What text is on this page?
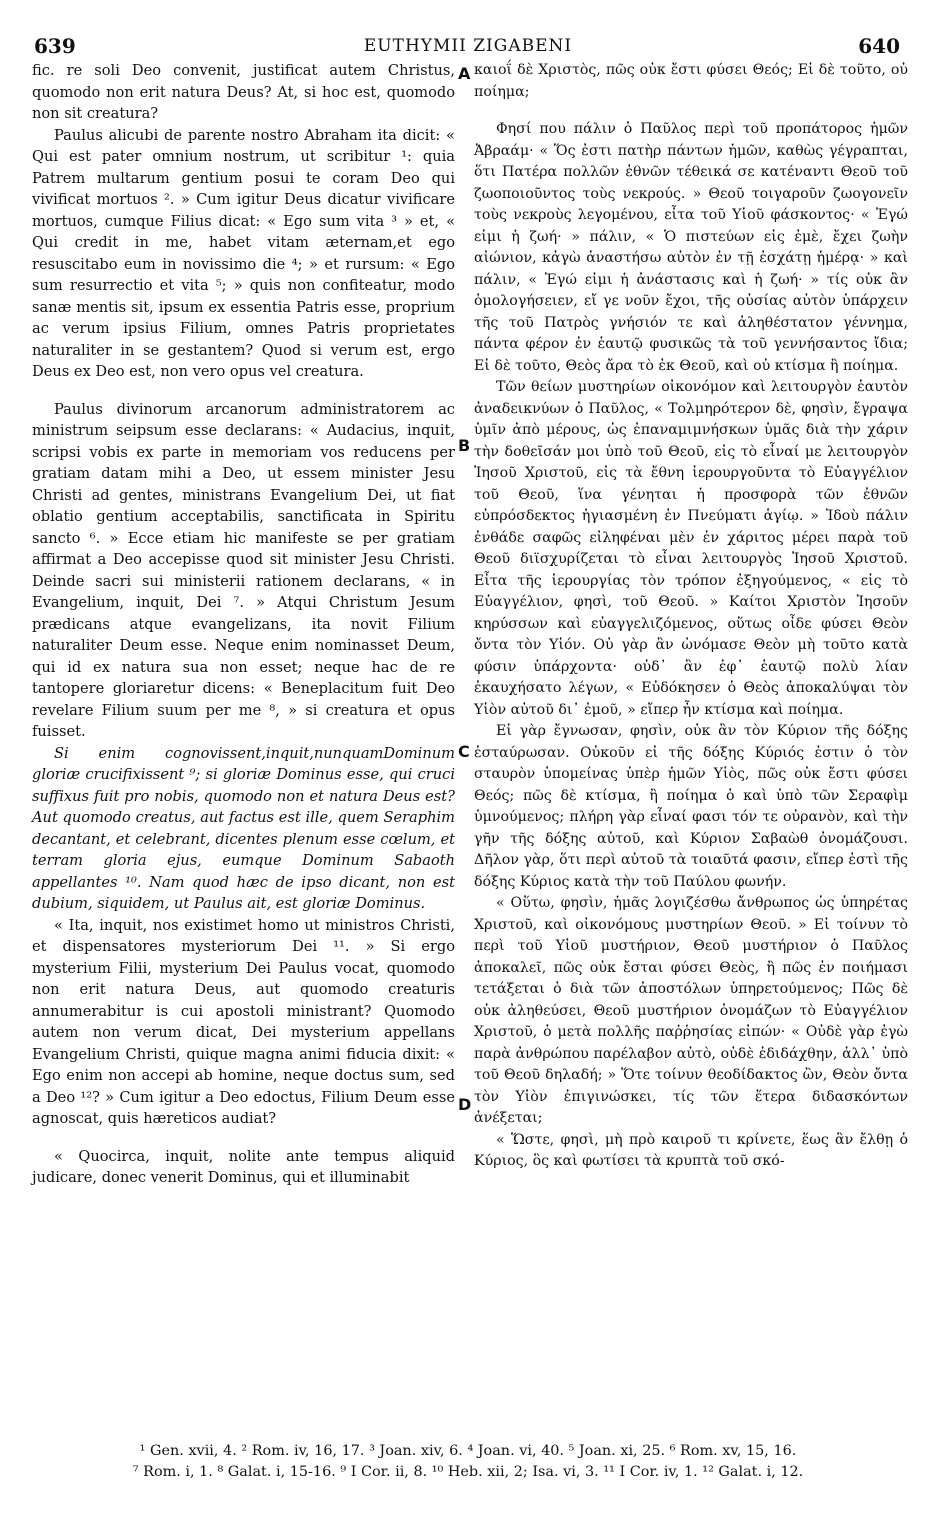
639	EUTHYMII ZIGABENI	640

fic. re soli Deo convenit, justificat autem Christus, quomodo non erit natura Deus? At, si hoc est, quomodo non sit creatura?

Paulus alicubi de parente nostro Abraham ita dicit: « Qui est pater omnium nostrum, ut scribitur ¹: quia Patrem multarum gentium posui te coram Deo qui vivificat mortuos ². » Cum igitur Deus dicatur vivificare mortuos, cumque Filius dicat: « Ego sum vita ³ » et, « Qui credit in me, habet vitam æternam,et ego resuscitabo eum in novissimo die ⁴; » et rursum: « Ego sum resurrectio et vita ⁵; » quis non confiteatur, modo sanæ mentis sit, ipsum ex essentia Patris esse, proprium ac verum ipsius Filium, omnes Patris proprietates naturaliter in se gestantem? Quod si verum est, ergo Deus ex Deo est, non vero opus vel creatura.

Paulus divinorum arcanorum administratorem ac ministrum seipsum esse declarans: « Audacius, inquit, scripsi vobis ex parte in memoriam vos reducens per gratiam datam mihi a Deo, ut essem minister Jesu Christi ad gentes, ministrans Evangelium Dei, ut fiat oblatio gentium acceptabilis, sanctificata in Spiritu sancto ⁶. » Ecce etiam hic manifeste se per gratiam affirmat a Deo accepisse quod sit minister Jesu Christi. Deinde sacri sui ministerii rationem declarans, « in Evangelium, inquit, Dei ⁷. » Atqui Christum Jesum prædicans atque evangelizans, ita novit Filium naturaliter Deum esse. Neque enim nominasset Deum, qui id ex natura sua non esset; neque hac de re tantopere gloriaretur dicens: « Beneplacitum fuit Deo revelare Filium suum per me ⁸, » si creatura et opus fuisset.

Si enim cognovissent,inquit,nunquamDominum gloriæ crucifixissent ⁹; si gloriæ Dominus esse, qui cruci suffixus fuit pro nobis, quomodo non et natura Deus est? Aut quomodo creatus, aut factus est ille, quem Seraphim decantant, et celebrant, dicentes plenum esse cœlum, et terram gloria ejus, eumque Dominum Sabaoth appellantes ¹⁰. Nam quod hæc de ipso dicant, non est dubium, siquidem, ut Paulus ait, est gloriæ Dominus.

« Ita, inquit, nos existimet homo ut ministros Christi, et dispensatores mysteriorum Dei ¹¹. » Si ergo mysterium Filii, mysterium Dei Paulus vocat, quomodo non erit natura Deus, aut quomodo creaturis annumerabitur is cui apostoli ministrant? Quomodo autem non verum dicat, Dei mysterium appellans Evangelium Christi, quique magna animi fiducia dixit: « Ego enim non accepi ab homine, neque doctus sum, sed a Deo ¹²? » Cum igitur a Deo edoctus, Filium Deum esse agnoscat, quis hæreticos audiat?

« Quocirca, inquit, nolite ante tempus aliquid judicare, donec venerit Dominus, qui et illuminabit

καιοΐ δὲ Χριστὸς, πῶς οὐκ ἔστι φύσει Θεός; Εἰ δὲ τοῦτο, οὐ ποίημα;

Φησί που πάλιν ὁ Παῦλος περὶ τοῦ προπάτορος ἡμῶν Ἀβραάμ· « Ὅς ἐστι πατὴρ πάντων ἡμῶν, καθὼς γέγραπται, ὅτι Πατέρα πολλῶν ἐθνῶν τέθεικά σε κατέναντι Θεοῦ τοῦ ζωοποιοῦντος τοὺς νεκρούς. » Θεοῦ τοιγαροῦν ζωογονεῖν τοὺς νεκροὺς λεγομένου, εἶτα τοῦ Υἱοῦ φάσκοντος· « Ἐγώ εἰμι ἡ ζωή· » πάλιν, « Ὁ πιστεύων εἰς ἐμὲ, ἔχει ζωὴν αἰώνιον, κἀγὼ ἀναστήσω αὐτὸν ἐν τῇ ἐσχάτῃ ἡμέρᾳ· » καὶ πάλιν, « Ἐγώ εἰμι ἡ ἀνάστασις καὶ ἡ ζωή· » τίς οὐκ ἂν ὁμολογήσειεν, εἴ γε νοῦν ἔχοι, τῆς οὐσίας αὐτὸν ὑπάρχειν τῆς τοῦ Πατρὸς γνήσιόν τε καὶ ἀληθέστατον γέννημα, πάντα φέρον ἐν ἑαυτῷ φυσικῶς τὰ τοῦ γεννήσαντος ἴδια; Εἰ δὲ τοῦτο, Θεὸς ἄρα τὸ ἐκ Θεοῦ, καὶ οὐ κτίσμα ἢ ποίημα.

Τῶν θείων μυστηρίων οἰκονόμον καὶ λειτουργὸν ἑαυτὸν ἀναδεικνύων ὁ Παῦλος, « Τολμηρότερον δὲ, φησὶν, ἔγραψα ὑμῖν ἀπὸ μέρους, ὡς ἐπαναμιμνήσκων ὑμᾶς διὰ τὴν χάριν τὴν δοθεῖσάν μοι ὑπὸ τοῦ Θεοῦ, εἰς τὸ εἶναί με λειτουργὸν Ἰησοῦ Χριστοῦ, εἰς τὰ ἔθνη ἱερουργοῦντα τὸ Εὐαγγέλιον τοῦ Θεοῦ, ἵνα γένηται ἡ προσφορὰ τῶν ἐθνῶν εὐπρόσδεκτος ἡγιασμένη ἐν Πνεύματι ἁγίῳ. » Ἰδοὺ πάλιν ἐνθάδε σαφῶς εἰληφέναι μὲν ἐν χάριτος μέρει παρὰ τοῦ Θεοῦ διϊσχυρίζεται τὸ εἶναι λειτουργὸς Ἰησοῦ Χριστοῦ. Εἶτα τῆς ἱερουργίας τὸν τρόπον ἐξηγούμενος, « εἰς τὸ Εὐαγγέλιον, φησὶ, τοῦ Θεοῦ. » Καίτοι Χριστὸν Ἰησοῦν κηρύσσων καὶ εὐαγγελιζόμενος, οὕτως οἶδε φύσει Θεὸν ὄντα τὸν Υἱόν. Οὐ γὰρ ἂν ὠνόμασε Θεὸν μὴ τοῦτο κατὰ φύσιν ὑπάρχοντα· οὐδ᾽ ἂν ἐφ᾽ ἑαυτῷ πολὺ λίαν ἐκαυχήσατο λέγων, « Εὐδόκησεν ὁ Θεὸς ἀποκαλύψαι τὸν Υἱὸν αὐτοῦ δι᾽ ἐμοῦ, » εἴπερ ἦν κτίσμα καὶ ποίημα.

Εἰ γὰρ ἔγνωσαν, φησὶν, οὐκ ἂν τὸν Κύριον τῆς δόξης ἐσταύρωσαν. Οὐκοῦν εἰ τῆς δόξης Κύριός ἐστιν ὁ τὸν σταυρὸν ὑπομείνας ὑπὲρ ἡμῶν Υἱὸς, πῶς οὐκ ἔστι φύσει Θεός; πῶς δὲ κτίσμα, ἢ ποίημα ὁ καὶ ὑπὸ τῶν Σεραφὶμ ὑμνούμενος; πλήρη γὰρ εἶναί φασι τόν τε οὐρανὸν, καὶ τὴν γῆν τῆς δόξης αὐτοῦ, καὶ Κύριον Σαβαὼθ ὀνομάζουσι. Δῆλον γὰρ, ὅτι περὶ αὐτοῦ τὰ τοιαῦτά φασιν, εἴπερ ἐστὶ τῆς δόξης Κύριος κατὰ τὴν τοῦ Παύλου φωνήν.

« Οὕτω, φησὶν, ἡμᾶς λογιζέσθω ἄνθρωπος ὡς ὑπηρέτας Χριστοῦ, καὶ οἰκονόμους μυστηρίων Θεοῦ. » Εἰ τοίνυν τὸ περὶ τοῦ Υἱοῦ μυστήριον, Θεοῦ μυστήριον ὁ Παῦλος ἀποκαλεῖ, πῶς οὐκ ἔσται φύσει Θεὸς, ἢ πῶς ἐν ποιήμασι τετάξεται ὁ διὰ τῶν ἀποστόλων ὑπηρετούμενος; Πῶς δὲ οὐκ ἀληθεύσει, Θεοῦ μυστήριον ὀνομάζων τὸ Εὐαγγέλιον Χριστοῦ, ὁ μετὰ πολλῆς παῤῥησίας εἰπών· « Οὐδὲ γὰρ ἐγὼ παρὰ ἀνθρώπου παρέλαβον αὐτὸ, οὐδὲ ἐδιδάχθην, ἀλλ᾽ ὑπὸ τοῦ Θεοῦ δηλαδή; » Ὅτε τοίνυν θεοδίδακτος ὢν, Θεὸν ὄντα τὸν Υἱὸν ἐπιγινώσκει, τίς τῶν ἕτερα διδασκόντων ἀνέξεται;

« Ὥστε, φησὶ, μὴ πρὸ καιροῦ τι κρίνετε, ἕως ἂν ἔλθῃ ὁ Κύριος, ὃς καὶ φωτίσει τὰ κρυπτὰ τοῦ σκό-

A
B
C
D
¹ Gen. xvii, 4. ² Rom. iv, 16, 17. ³ Joan. xiv, 6. ⁴ Joan. vi, 40. ⁵ Joan. xi, 25. ⁶ Rom. xv, 15, 16.
⁷ Rom. i, 1. ⁸ Galat. i, 15-16. ⁹ I Cor. ii, 8. ¹⁰ Heb. xii, 2; Isa. vi, 3. ¹¹ I Cor. iv, 1. ¹² Galat. i, 12.
